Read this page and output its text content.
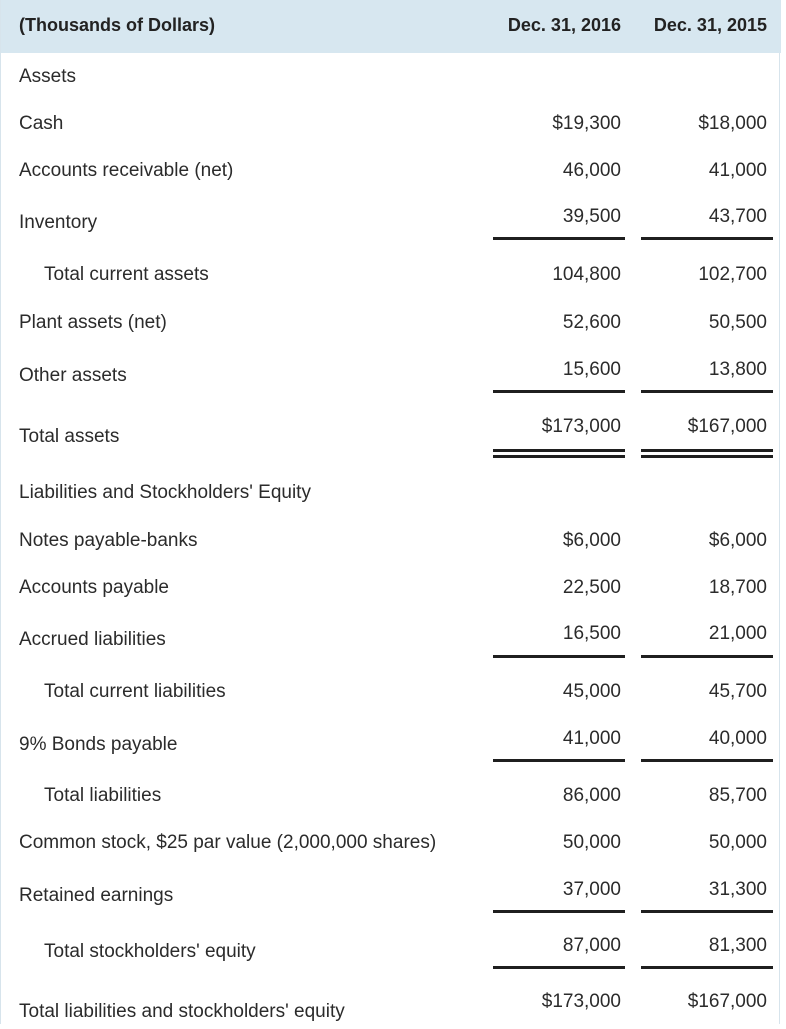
(Thousands of Dollars)	Dec. 31, 2016 Dec. 31, 2015
Assets
Cash	$19,300	$18,000
Accounts receivable (net)	46,000	41,000
Inventory	39,500	43,700
Total current assets	104,800	102,700
Plant assets (net)	52,600	50,500
Other assets	15,600	13,800
Total assets	$173,000	$167,000
Liabilities and Stockholders' Equity
Notes payable-banks	$6,000	$6,000
Accounts payable	22,500	18,700
Accrued liabilities	16,500	21,000
Total current liabilities	45,000	45,700
9% Bonds payable	41,000	40,000
Total liabilities	86,000	85,700
Common stock, $25 par value (2,000,000 shares)	50,000	50,000
Retained earnings	37,000	31,300
Total stockholders' equity	87,000	81,300
Total liabilities and stockholders' equity	$173,000	$167,000
